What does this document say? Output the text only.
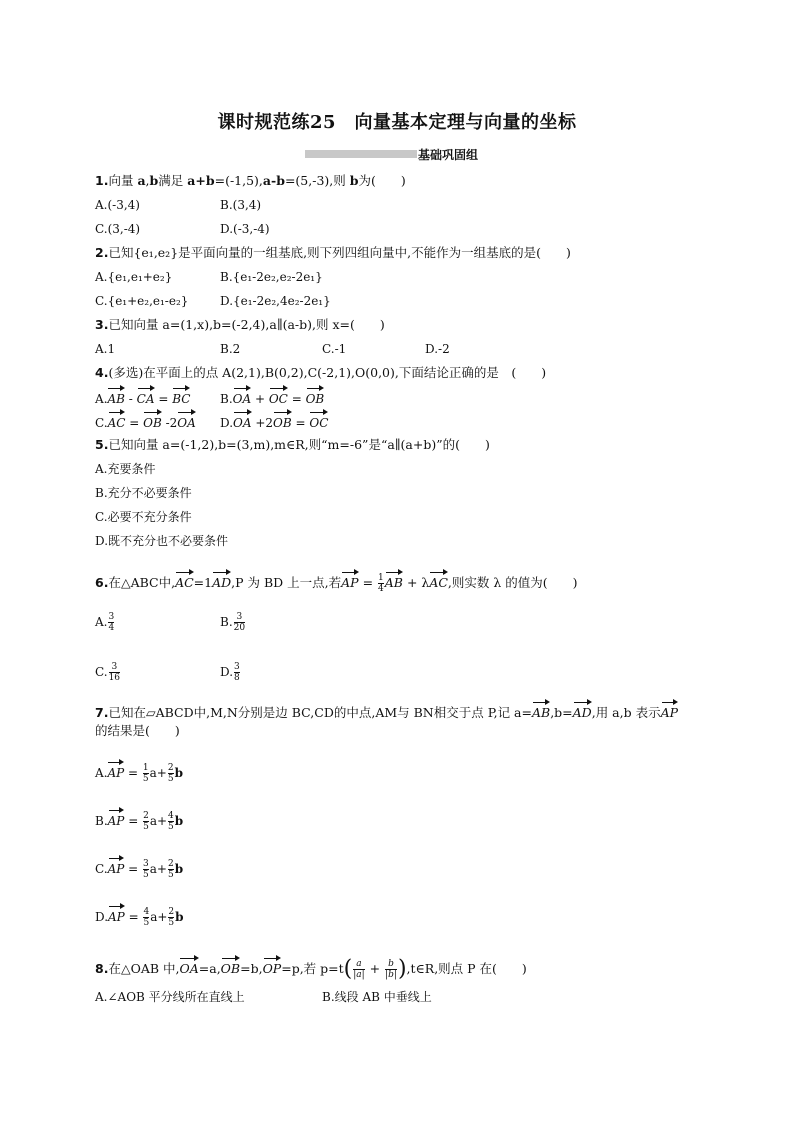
课时规范练25　向量基本定理与向量的坐标
基础巩固组
1.向量 a,b满足 a+b=(-1,5),a-b=(5,-3),则 b为(　　)
A.(-3,4)	B.(3,4)
C.(3,-4)	D.(-3,-4)
2.已知{e₁,e₂}是平面向量的一组基底,则下列四组向量中,不能作为一组基底的是(　　)
A.{e₁,e₁+e₂}	B.{e₁-2e₂,e₂-2e₁}
C.{e₁+e₂,e₁-e₂}	D.{e₁-2e₂,4e₂-2e₁}
3.已知向量 a=(1,x),b=(-2,4),a∥(a-b),则 x=(　　)
A.1	B.2	C.-1	D.-2
4.(多选)在平面上的点 A(2,1),B(0,2),C(-2,1),O(0,0),下面结论正确的是　(　　)
A.AB - CA = BC B.OA + OC = OB
C.AC = OB -2OA D.OA +2OB = OC
5.已知向量 a=(-1,2),b=(3,m),m∈R,则“m=-6”是“a∥(a+b)”的(　　)
A.充要条件
B.充分不必要条件
C.必要不充分条件
D.既不充分也不必要条件
6.在△ABC中,AC=1AD,P 为 BD 上一点,若AP = $\frac{1}{4}$ AB + λAC,则实数 λ 的值为(　　)
A. $\frac{3}{4}$	B. $\frac{3}{20}$
C. $\frac{3}{16}$	D. $\frac{3}{8}$
7.已知在▱ABCD中,M,N分别是边 BC,CD的中点,AM与 BN相交于点 P,记 a=AB,b=AD,用 a,b 表示AP
的结果是(　　)
$A.AP = \frac{1}{5} a+ \frac{2}{5}$ b
$B.AP = \frac{2}{5} a+ \frac{4}{5}$ b
$C.AP = \frac{3}{5} a+ \frac{2}{5}$ b
$D.AP = \frac{4}{5} a+ \frac{2}{5}$ b
8.在△OAB 中,OA=a,OB=b,OP=p,若 $p=t( \frac{a}{|a|} + \frac{b}{|b|}$ ),t∈R,则点 P 在(　　)
A.∠AOB 平分线所在直线上	B.线段 AB 中垂线上
